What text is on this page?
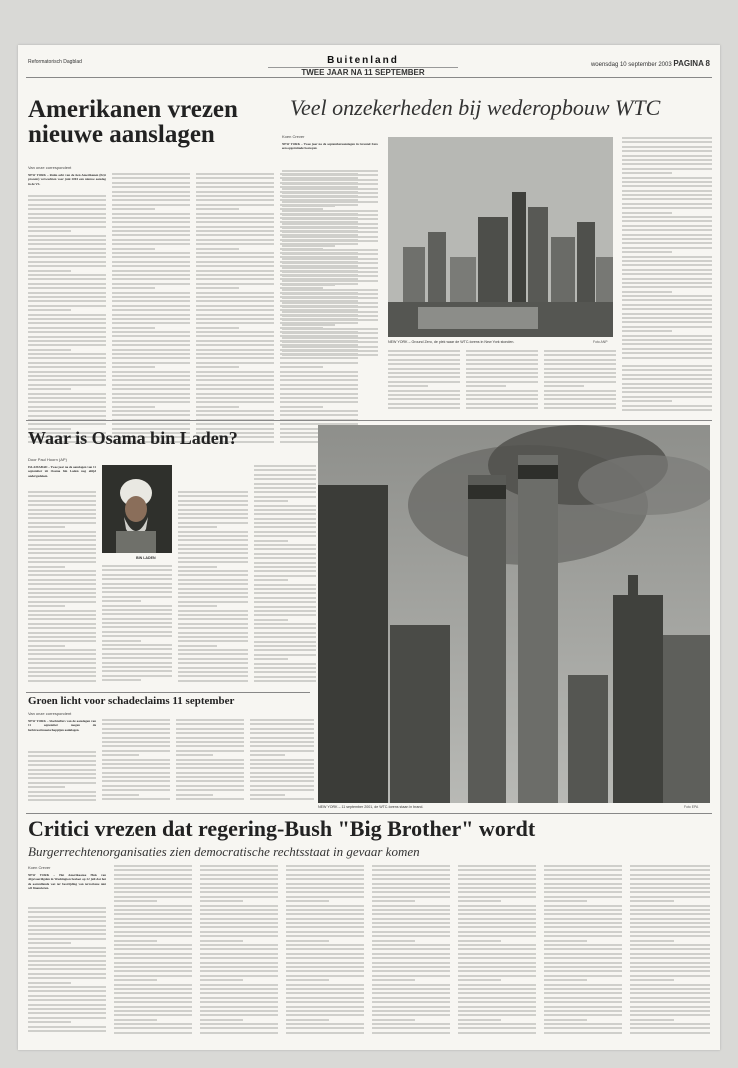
Reformatorisch Dagblad	Buitenland
TWEE JAAR NA 11 SEPTEMBER
woensdag 10 september 2003 PAGINA 8
Amerikanen vrezen nieuwe aanslagen
Veel onzekerheden bij wederopbouw WTC
Van onze correspondent
NEW YORK – Ruim acht van de tien Amerikanen (82,6 procent) verwachten voor juni 2004 een nieuwe aanslag in de VS.
Koen Crever
NEW YORK – Twee jaar na de septemberaanslagen in Ground Zero een opgeruimde bouwput.
NEW YORK – Ground Zero, de plek waar de WTC-torens in New York stonden.	Foto ANP
Waar is Osama bin Laden?
Door Paul Hoorn (AP)
ISLAMABAD – Twee jaar na de aanslagen van 11 september zit Osama bin Laden nog altijd ondergedoken.
BIN LADEN
NEW YORK – 11 september 2001, de WTC-torens staan in brand.	Foto EPA
Groen licht voor schadeclaims 11 september
Van onze correspondent
NEW YORK – Slachtoffers van de aanslagen van 11 september mogen de luchtvaartmaatschappijen aanklagen.
Critici vrezen dat regering-Bush "Big Brother" wordt
Burgerrechtenorganisaties zien democratische rechtsstaat in gevaar komen
Koen Crever
NEW YORK – Het Amerikaanse Huis van Afgevaardigden in Washington besloot op 22 juli dat het de aanvullende wet ter bestrijding van terrorisme niet wil financieren.
